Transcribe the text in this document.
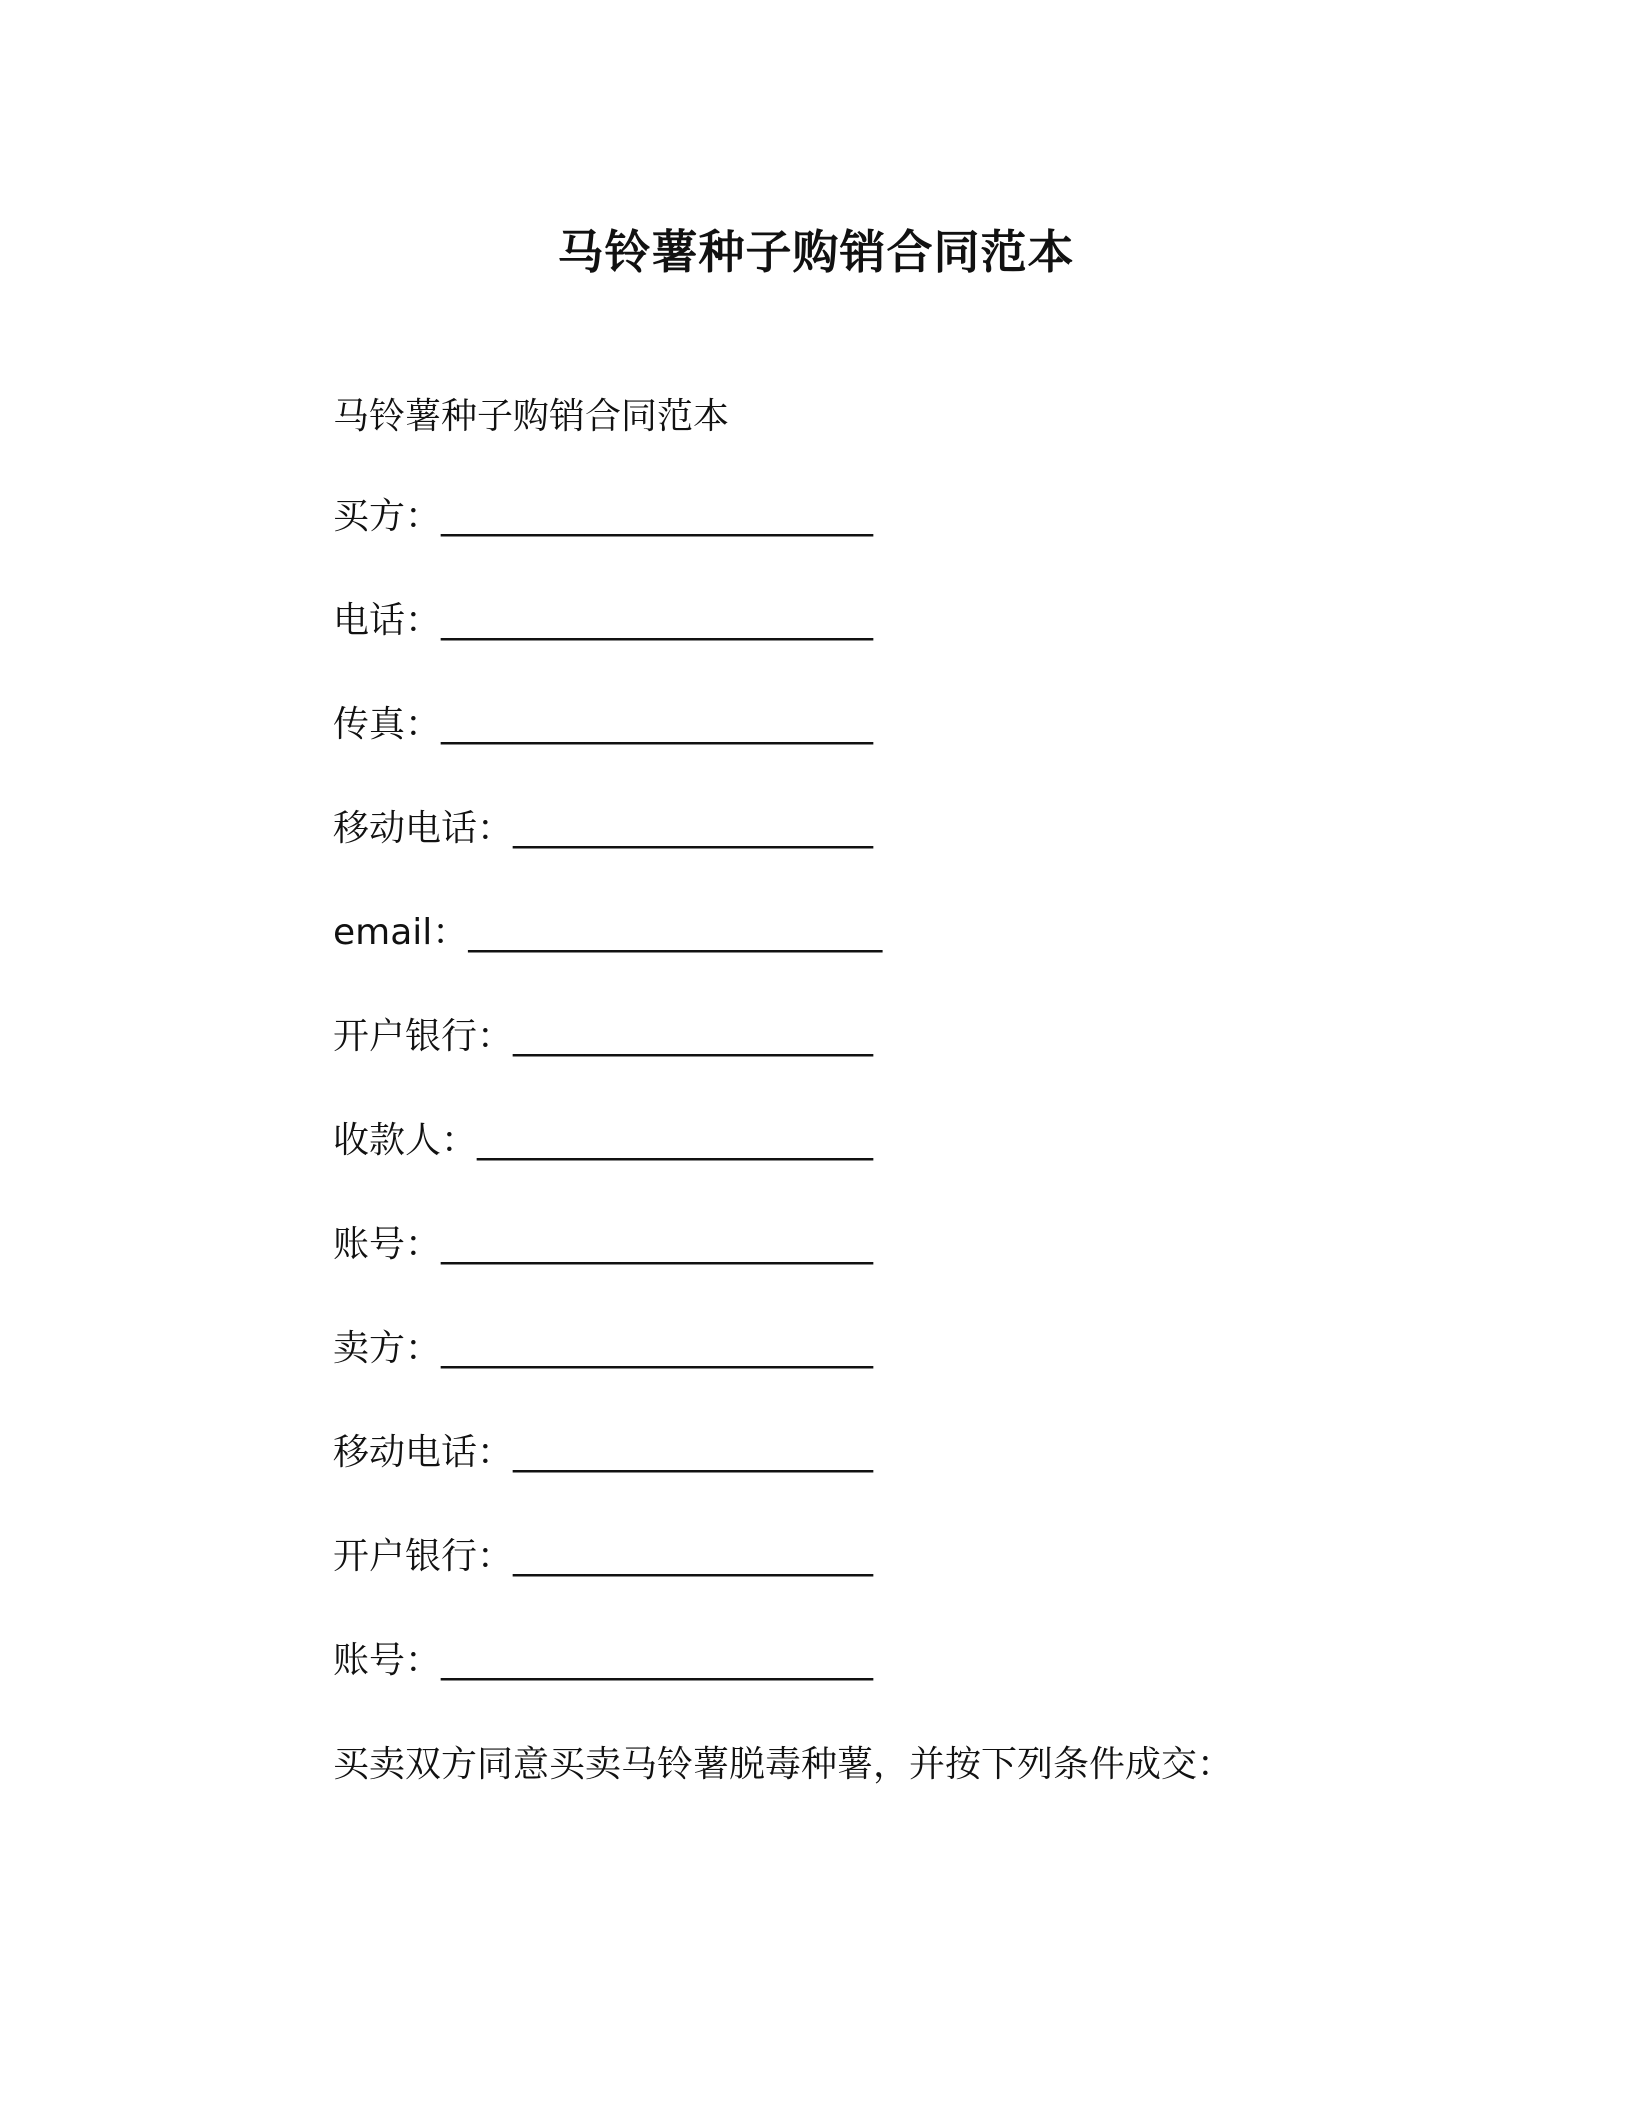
马铃薯种子购销合同范本
马铃薯种子购销合同范本
买方：________________________
电话：________________________
传真：________________________
移动电话：____________________
email：_______________________
开户银行：____________________
收款人：______________________
账号：________________________
卖方：________________________
移动电话：____________________
开户银行：____________________
账号：________________________
买卖双方同意买卖马铃薯脱毒种薯，并按下列条件成交：
